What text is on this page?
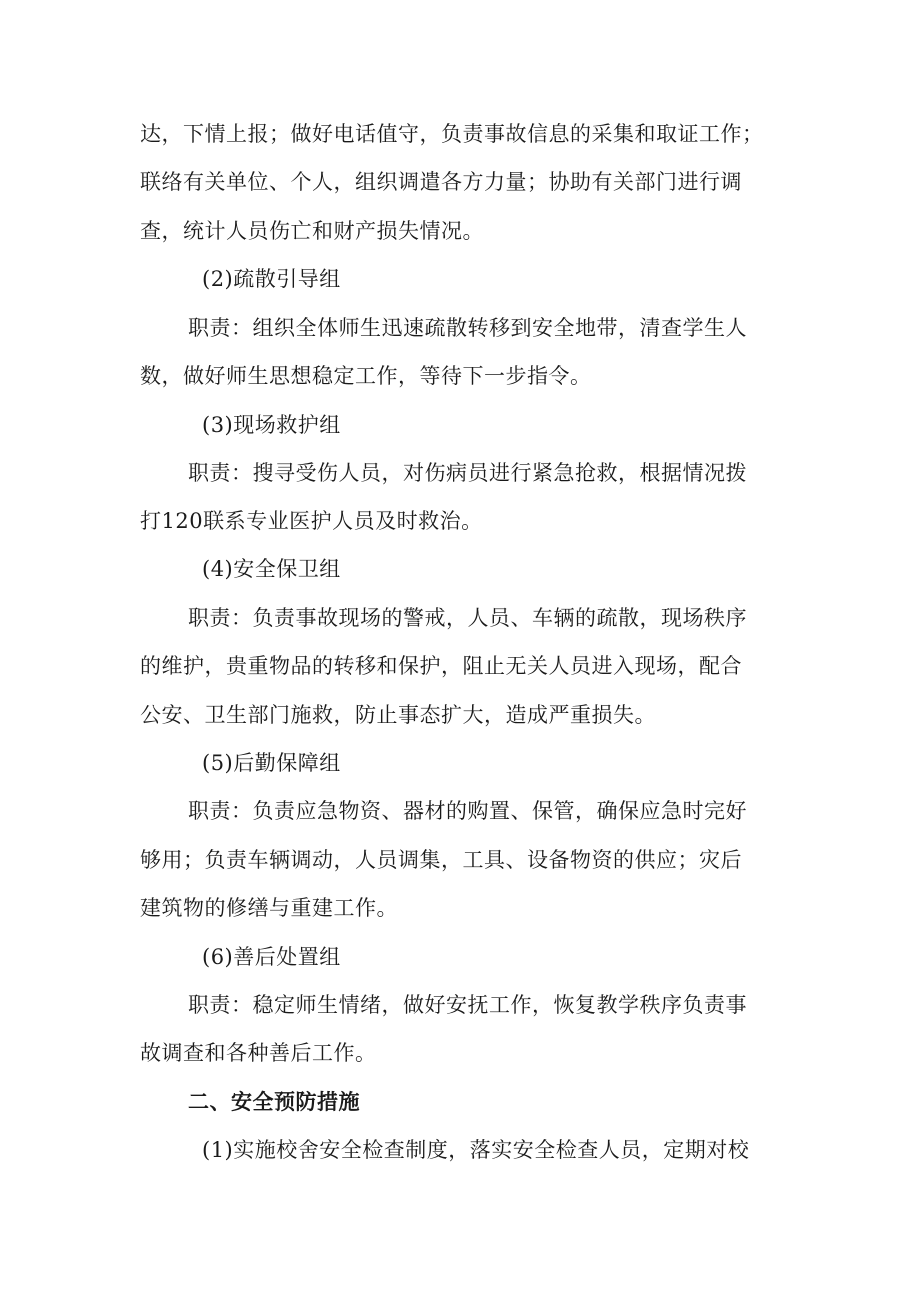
达，下情上报；做好电话值守，负责事故信息的采集和取证工作；
联络有关单位、个人，组织调遣各方力量；协助有关部门进行调
查，统计人员伤亡和财产损失情况。
(2)疏散引导组
职责：组织全体师生迅速疏散转移到安全地带，清查学生人
数，做好师生思想稳定工作，等待下一步指令。
(3)现场救护组
职责：搜寻受伤人员，对伤病员进行紧急抢救，根据情况拨
打120联系专业医护人员及时救治。
(4)安全保卫组
职责：负责事故现场的警戒，人员、车辆的疏散，现场秩序
的维护，贵重物品的转移和保护，阻止无关人员进入现场，配合
公安、卫生部门施救，防止事态扩大，造成严重损失。
(5)后勤保障组
职责：负责应急物资、器材的购置、保管，确保应急时完好
够用；负责车辆调动，人员调集，工具、设备物资的供应；灾后
建筑物的修缮与重建工作。
(6)善后处置组
职责：稳定师生情绪，做好安抚工作，恢复教学秩序负责事
故调查和各种善后工作。
二、安全预防措施
(1)实施校舍安全检查制度，落实安全检查人员，定期对校
